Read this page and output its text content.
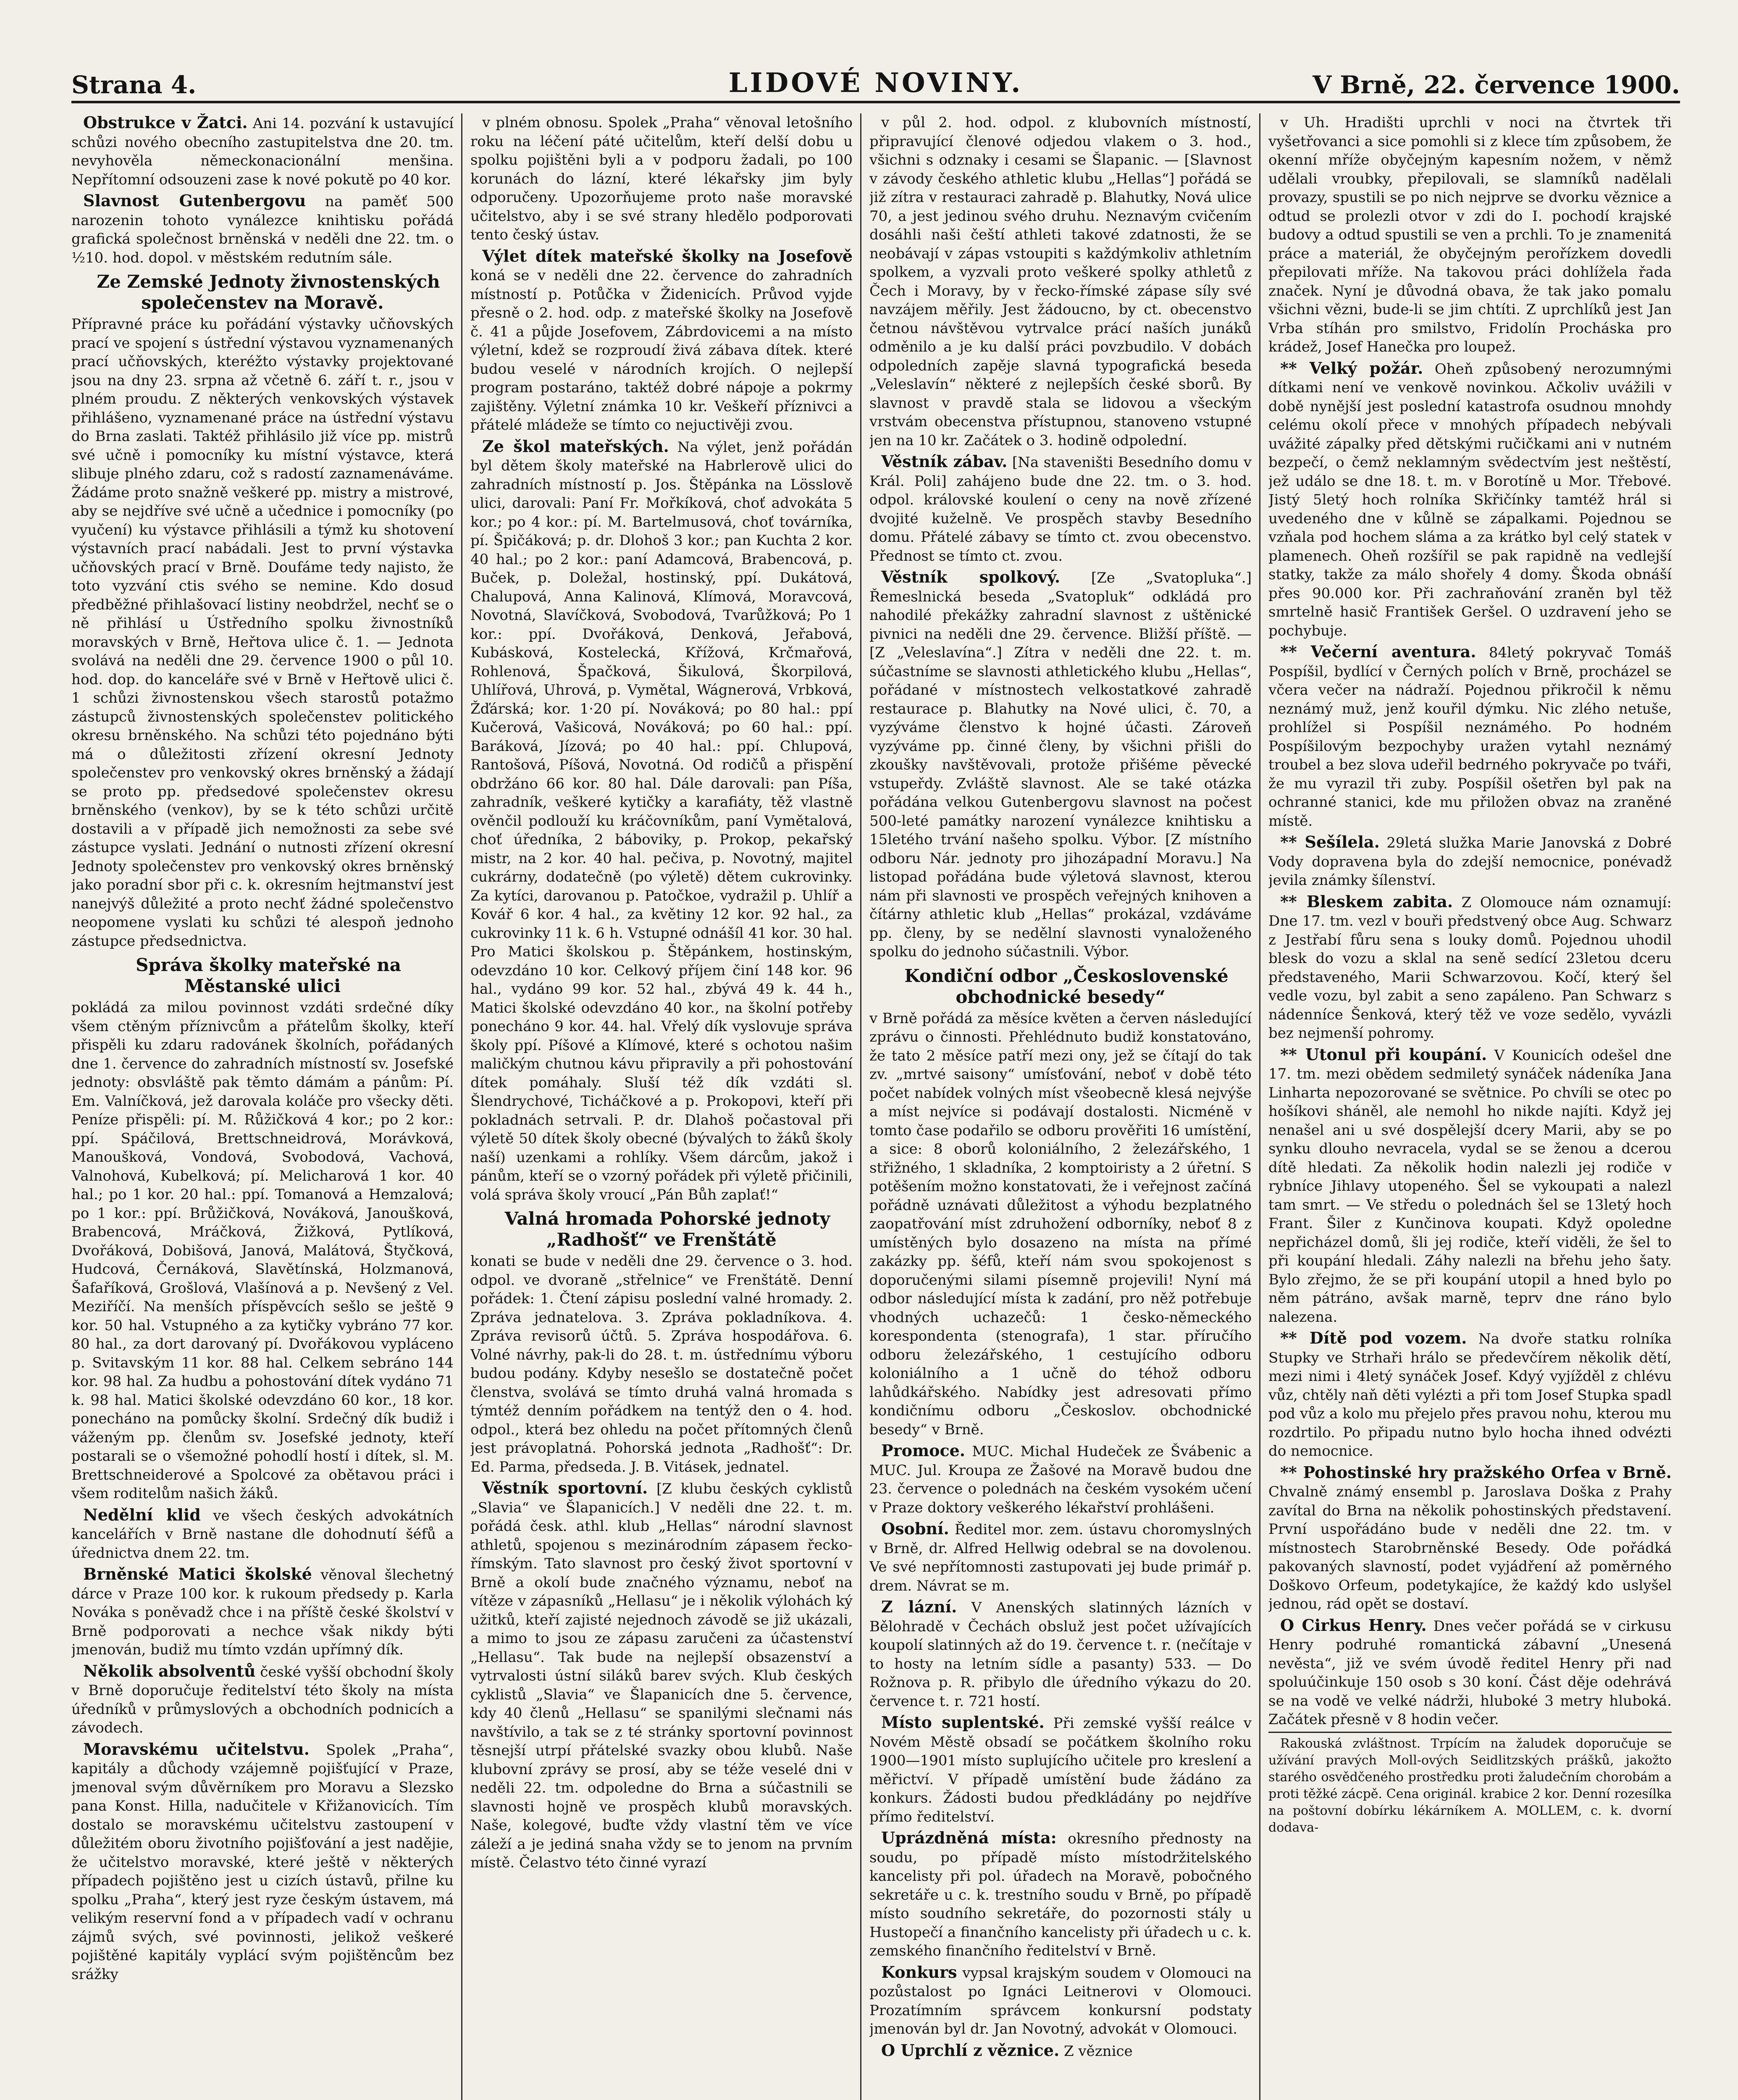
Strana 4.	LIDOVÉ NOVINY.	V Brně, 22. července 1900.

Obstrukce v Žatci. Ani 14. pozvání k ustavující schůzi nového obecního zastupitelstva dne 20. tm. nevyhověla německonacionální menšina. Nepřítomní odsouzeni zase k nové pokutě po 40 kor.

Slavnost Gutenbergovu na paměť 500 narozenin tohoto vynálezce knihtisku pořádá grafická společnost brněnská v neděli dne 22. tm. o ½10. hod. dopol. v městském redutním sále.

Ze Zemské Jednoty živnostenských společenstev na Moravě.
Přípravné práce ku pořádání výstavky učňovských prací ve spojení s ústřední výstavou vyznamenaných prací učňovských, kteréžto výstavky projektované jsou na dny 23. srpna až včetně 6. září t. r., jsou v plném proudu. Z některých venkovských výstavek přihlášeno, vyznamenané práce na ústřední výstavu do Brna zaslati. Taktéž přihlásilo již více pp. mistrů své učně i pomocníky ku místní výstavce, která slibuje plného zdaru, což s radostí zaznamenáváme. Žádáme proto snažně veškeré pp. mistry a mistrové, aby se nejdříve své učně a učednice i pomocníky (po vyučení) ku výstavce přihlásili a týmž ku shotovení výstavních prací nabádali. Jest to první výstavka učňovských prací v Brně. Doufáme tedy najisto, že toto vyzvání ctis svého se nemine. Kdo dosud předběžné přihlašovací listiny neobdržel, nechť se o ně přihlásí u Ústředního spolku živnostníků moravských v Brně, Heřtova ulice č. 1. — Jednota svolává na neděli dne 29. července 1900 o půl 10. hod. dop. do kanceláře své v Brně v Heřtově ulici č. 1 schůzi živnostenskou všech starostů potažmo zástupců živnostenských společenstev politického okresu brněnského. Na schůzi této pojednáno býti má o důležitosti zřízení okresní Jednoty společenstev pro venkovský okres brněnský a žádají se proto pp. předsedové společenstev okresu brněnského (venkov), by se k této schůzi určitě dostavili a v případě jich nemožnosti za sebe své zástupce vyslati. Jednání o nutnosti zřízení okresní Jednoty společenstev pro venkovský okres brněnský jako poradní sbor při c. k. okresním hejtmanství jest nanejvýš důležité a proto nechť žádné společenstvo neopomene vyslati ku schůzi té alespoň jednoho zástupce předsednictva.

Správa školky mateřské na Městanské ulici
pokládá za milou povinnost vzdáti srdečné díky všem ctěným příznivcům a přátelům školky, kteří přispěli ku zdaru radovánek školních, pořádaných dne 1. července do zahradních místností sv. Josefské jednoty: obsvláště pak těmto dámám a pánům: Pí. Em. Valníčková, jež darovala koláče pro všecky děti. Peníze přispěli: pí. M. Růžičková 4 kor.; po 2 kor.: ppí. Spáčilová, Brettschneidrová, Morávková, Manoušková, Vondová, Svobodová, Vachová, Valnohová, Kubelková; pí. Melicharová 1 kor. 40 hal.; po 1 kor. 20 hal.: ppí. Tomanová a Hemzalová; po 1 kor.: ppí. Brůžičková, Nováková, Janoušková, Brabencová, Mráčková, Žižková, Pytlíková, Dvořáková, Dobišová, Janová, Malátová, Štyčková, Hudcová, Černáková, Slavětínská, Holzmanová, Šafaříková, Grošlová, Vlašínová a p. Nevšený z Vel. Meziříčí. Na menších příspěvcích sešlo se ještě 9 kor. 50 hal. Vstupného a za kytičky vybráno 77 kor. 80 hal., za dort darovaný pí. Dvořákovou vypláceno p. Svitavským 11 kor. 88 hal. Celkem sebráno 144 kor. 98 hal. Za hudbu a pohostování dítek vydáno 71 k. 98 hal. Matici školské odevzdáno 60 kor., 18 kor. ponecháno na pomůcky školní. Srdečný dík budiž i váženým pp. členům sv. Josefské jednoty, kteří postarali se o všemožné pohodlí hostí i dítek, sl. M. Brettschneiderové a Spolcové za obětavou práci i všem roditelům našich žáků.

Nedělní klid ve všech českých advokátních kancelářích v Brně nastane dle dohodnutí šéfů a úřednictva dnem 22. tm.

Brněnské Matici školské věnoval šlechetný dárce v Praze 100 kor. k rukoum předsedy p. Karla Nováka s poněvadž chce i na příště české školství v Brně podporovati a nechce však nikdy býti jmenován, budiž mu tímto vzdán upřímný dík.

Několik absolventů české vyšší obchodní školy v Brně doporučuje ředitelství této školy na místa úředníků v průmyslových a obchodních podnicích a závodech.

Moravskému učitelstvu. Spolek „Praha“, kapitály a důchody vzájemně pojišťující v Praze, jmenoval svým důvěrníkem pro Moravu a Slezsko pana Konst. Hilla, nadučitele v Křižanovicích. Tím dostalo se moravskému učitelstvu zastoupení v důležitém oboru životního pojišťování a jest nadějie, že učitelstvo moravské, které ještě v některých případech pojištěno jest u cizích ústavů, přilne ku spolku „Praha“, který jest ryze českým ústavem, má velikým reservní fond a v případech vadí v ochranu zájmů svých, své povinnosti, jelikož veškeré pojištěné kapitály vyplácí svým pojištěncům bez srážky

v plném obnosu. Spolek „Praha“ věnoval letošního roku na léčení páté učitelům, kteří delší dobu u spolku pojištěni byli a v podporu žadali, po 100 korunách do lázní, které lékařsky jim byly odporučeny. Upozorňujeme proto naše moravské učitelstvo, aby i se své strany hledělo podporovati tento český ústav.

Výlet dítek mateřské školky na Josefově koná se v neděli dne 22. července do zahradních místností p. Potůčka v Židenicích. Průvod vyjde přesně o 2. hod. odp. z mateřské školky na Josefově č. 41 a půjde Josefovem, Zábrdovicemi a na místo výletní, kdež se rozproudí živá zábava dítek. které budou veselé v národních krojích. O nejlepší program postaráno, taktéž dobré nápoje a pokrmy zajištěny. Výletní známka 10 kr. Veškeří příznivci a přátelé mládeže se tímto co nejuctivěji zvou.

Ze škol mateřských. Na výlet, jenž pořádán byl dětem školy mateřské na Habrlerově ulici do zahradních místností p. Jos. Štěpánka na Lösslově ulici, darovali: Paní Fr. Mořkíková, choť advokáta 5 kor.; po 4 kor.: pí. M. Bartelmusová, choť továrníka, pí. Špičáková; p. dr. Dlohoš 3 kor.; pan Kuchta 2 kor. 40 hal.; po 2 kor.: paní Adamcová, Brabencová, p. Buček, p. Doležal, hostinský, ppí. Dukátová, Chalupová, Anna Kalinová, Klímová, Moravcová, Novotná, Slavíčková, Svobodová, Tvarůžková; Po 1 kor.: ppí. Dvořáková, Denková, Jeřabová, Kubásková, Kostelecká, Křížová, Krčmařová, Rohlenová, Špačková, Šikulová, Škorpilová, Uhlířová, Uhrová, p. Vymětal, Wágnerová, Vrbková, Žďárská; kor. 1·20 pí. Nováková; po 80 hal.: ppí Kučerová, Vašicová, Nováková; po 60 hal.: ppí. Baráková, Jízová; po 40 hal.: ppí. Chlupová, Rantošová, Píšová, Novotná. Od rodičů a přispění obdržáno 66 kor. 80 hal. Dále darovali: pan Píša, zahradník, veškeré kytičky a karafiáty, těž vlastně ověnčil podlouží ku kráčovníkům, paní Vymětalová, choť úředníka, 2 báboviky, p. Prokop, pekařský mistr, na 2 kor. 40 hal. pečiva, p. Novotný, majitel cukrárny, dodatečně (po výletě) dětem cukrovinky. Za kytíci, darovanou p. Patočkoe, vydražil p. Uhlíř a Kovář 6 kor. 4 hal., za květiny 12 kor. 92 hal., za cukrovinky 11 k. 6 h. Vstupné odnášíl 41 kor. 30 hal. Pro Matici školskou p. Štěpánkem, hostinským, odevzdáno 10 kor. Celkový příjem činí 148 kor. 96 hal., vydáno 99 kor. 52 hal., zbývá 49 k. 44 h., Matici školské odevzdáno 40 kor., na školní potřeby ponecháno 9 kor. 44. hal. Vřelý dík vyslovuje správa školy ppí. Píšové a Klímové, které s ochotou našim maličkým chutnou kávu připravily a při pohostování dítek pomáhaly. Sluší též dík vzdáti sl. Šlendrychové, Ticháčkové a p. Prokopovi, kteří při pokladnách setrvali. P. dr. Dlahoš počastoval při výletě 50 dítek školy obecné (bývalých to žáků školy naší) uzenkami a rohlíky. Všem dárcům, jakož i pánům, kteří se o vzorný pořádek při výletě přičinili, volá správa školy vroucí „Pán Bůh zaplať!“

Valná hromada Pohorské jednoty „Radhošť“ ve Frenštátě
konati se bude v neděli dne 29. července o 3. hod. odpol. ve dvoraně „střelnice“ ve Frenštátě. Denní pořádek: 1. Čtení zápisu poslední valné hromady. 2. Zpráva jednatelova. 3. Zpráva pokladníkova. 4. Zpráva revisorů účtů. 5. Zpráva hospodářova. 6. Volné návrhy, pak-li do 28. t. m. ústřednímu výboru budou podány. Kdyby nesešlo se dostatečně počet členstva, svolává se tímto druhá valná hromada s týmtéž denním pořádkem na tentýž den o 4. hod. odpol., která bez ohledu na počet přítomných členů jest právoplatná. Pohorská jednota „Radhošť“: Dr. Ed. Parma, předseda. J. B. Vitásek, jednatel.

Věstník sportovní. [Z klubu českých cyklistů „Slavia“ ve Šlapanicích.] V neděli dne 22. t. m. pořádá česk. athl. klub „Hellas“ národní slavnost athletů, spojenou s mezinárodním zápasem řecko-římským. Tato slavnost pro český život sportovní v Brně a okolí bude značného významu, neboť na vítěze v zápasníků „Hellasu“ je i několik výlohách ký užitků, kteří zajisté nejednoch závodě se již ukázali, a mimo to jsou ze zápasu zaručeni za účastenství „Hellasu“. Tak bude na nejlepší obsazenství a vytrvalosti ústní siláků barev svých. Klub českých cyklistů „Slavia“ ve Šlapanicích dne 5. července, kdy 40 členů „Hellasu“ se spanilými slečnami nás navštívilo, a tak se z té stránky sportovní povinnost těsnejší utrpí přátelské svazky obou klubů. Naše klubovní zprávy se prosí, aby se téže veselé dni v neděli 22. tm. odpoledne do Brna a súčastnili se slavnosti hojně ve prospěch klubů moravských. Naše, kolegové, buďte vždy vlastní těm ve více záleží a je jediná snaha vždy se to jenom na prvním místě. Čelastvo této činné vyrazí

v půl 2. hod. odpol. z klubovních místností, připravující členové odjedou vlakem o 3. hod., všichni s odznaky i cesami se Šlapanic. — [Slavnost v závody českého athletic klubu „Hellas“] pořádá se již zítra v restauraci zahradě p. Blahutky, Nová ulice 70, a jest jedinou svého druhu. Neznavým cvičením dosáhli naši čeští athleti takové zdatnosti, že se neobávají v zápas vstoupiti s každýmkoliv athletním spolkem, a vyzvali proto veškeré spolky athletů z Čech i Moravy, by v řecko-římské zápase síly své navzájem měřily. Jest žádoucno, by ct. obecenstvo četnou návštěvou vytrvalce prácí naších junáků odměnilo a je ku další práci povzbudilo. V dobách odpoledních zapěje slavná typografická beseda „Veleslavín“ některé z nejlepších české sborů. By slavnost v pravdě stala se lidovou a všeckým vrstvám obecenstva přístupnou, stanoveno vstupné jen na 10 kr. Začátek o 3. hodině odpolední.

Věstník zábav. [Na staveništi Besedního domu v Král. Poli] zahájeno bude dne 22. tm. o 3. hod. odpol. královské koulení o ceny na nově zřízené dvojité kuželně. Ve prospěch stavby Besedního domu. Přátelé zábavy se tímto ct. zvou obecenstvo. Přednost se tímto ct. zvou.

Věstník spolkový. [Ze „Svatopluka“.] Řemeslnická beseda „Svatopluk“ odkládá pro nahodilé překážky zahradní slavnost z uštěnické pivnici na neděli dne 29. července. Bližší příště. — [Z „Veleslavína“.] Zítra v neděli dne 22. t. m. súčastníme se slavnosti athletického klubu „Hellas“, pořádané v místnostech velkostatkové zahradě restaurace p. Blahutky na Nové ulici, č. 70, a vyzýváme členstvo k hojné účasti. Zároveň vyzýváme pp. činné členy, by všichni přišli do zkoušky navštěvovali, protože přišéme pěvecké vstupeřdy. Zvláště slavnost. Ale se také otázka pořádána velkou Gutenbergovu slavnost na počest 500-leté památky narození vynálezce knihtisku a 15letého trvání našeho spolku. Výbor. [Z místního odboru Nár. jednoty pro jihozápadní Moravu.] Na listopad pořádána bude výletová slavnost, kterou nám při slavnosti ve prospěch veřejných knihoven a čítárny athletic klub „Hellas“ prokázal, vzdáváme pp. členy, by se nedělní slavnosti vynaloženého spolku do jednoho súčastnili. Výbor.

Kondiční odbor „Československé obchodnické besedy“
v Brně pořádá za měsíce květen a červen následující zprávu o činnosti. Přehlédnuto budiž konstatováno, že tato 2 měsíce patří mezi ony, jež se čítají do tak zv. „mrtvé saisony“ umísťování, neboť v době této počet nabídek volných míst všeobecně klesá nejvýše a míst nejvíce si podávají dostalosti. Nicméně v tomto čase podařilo se odboru prověřiti 16 umístění, a sice: 8 oborů koloniálního, 2 železářského, 1 střižného, 1 skladníka, 2 komptoiristy a 2 úřetní. S potěšením možno konstatovati, že i veřejnost začíná pořádně uznávati důležitost a výhodu bezplatného zaopatřování míst zdruhožení odborníky, neboť 8 z umístěných bylo dosazeno na místa na přímé zakázky pp. šéfů, kteří nám svou spokojenost s doporučenými silami písemně projevili! Nyní má odbor následující místa k zadání, pro něž potřebuje vhodných uchazečů: 1 česko-německého korespondenta (stenografa), 1 star. příručího odboru železářského, 1 cestujícího odboru koloniálního a 1 učně do téhož odboru lahůdkářského. Nabídky jest adresovati přímo kondičnímu odboru „Českoslov. obchodnické besedy“ v Brně.

Promoce. MUC. Michal Hudeček ze Švábenic a MUC. Jul. Kroupa ze Žašové na Moravě budou dne 23. července o polednách na českém vysokém učení v Praze doktory veškerého lékařství prohlášeni.

Osobní. Ředitel mor. zem. ústavu choromyslných v Brně, dr. Alfred Hellwig odebral se na dovolenou. Ve své nepřítomnosti zastupovati jej bude primář p. drem. Návrat se m.

Z lázní. V Anenských slatinných lázních v Bělohradě v Čechách obsluž jest počet užívajících koupolí slatinných až do 19. července t. r. (nečítaje v to hosty na letním sídle a pasanty) 533. — Do Rožnova p. R. přibylo dle úředního výkazu do 20. července t. r. 721 hostí.

Místo suplentské. Při zemské vyšší reálce v Novém Městě obsadí se počátkem školního roku 1900—1901 místo suplujícího učitele pro kreslení a měřictví. V případě umístění bude žádáno za konkurs. Žádosti budou předkládány po nejdříve přímo ředitelství.

Uprázdněná místa: okresního přednosty na soudu, po případě místo místodržitelského kancelisty při pol. úřadech na Moravě, pobočného sekretáře u c. k. trestního soudu v Brně, po případě místo soudního sekretáře, do pozornosti stály u Hustopečí a finančního kancelisty při úřadech u c. k. zemského finančního ředitelství v Brně.

Konkurs vypsal krajským soudem v Olomouci na pozůstalost po Ignáci Leitnerovi v Olomouci. Prozatímním správcem konkursní podstaty jmenován byl dr. Jan Novotný, advokát v Olomouci.

O Uprchlí z věznice. Z věznice

v Uh. Hradišti uprchli v noci na čtvrtek tři vyšetřovanci a sice pomohli si z klece tím způsobem, že okenní mříže obyčejným kapesním nožem, v němž udělali vroubky, přepilovali, se slamníků nadělali provazy, spustili se po nich nejprve se dvorku věznice a odtud se prolezli otvor v zdi do I. pochodí krajské budovy a odtud spustili se ven a prchli. To je znamenitá práce a materiál, že obyčejným perořízkem dovedli přepilovati mříže. Na takovou práci dohlížela řada značek. Nyní je důvodná obava, že tak jako pomalu všichni vězni, bude-li se jim chtíti. Z uprchlíků jest Jan Vrba stíhán pro smilstvo, Fridolín Procháska pro krádež, Josef Hanečka pro loupež.

** Velký požár. Oheň způsobený nerozumnými dítkami není ve venkově novinkou. Ačkoliv uvážili v době nynější jest poslední katastrofa osudnou mnohdy celému okolí přece v mnohých případech nebývali uvážité zápalky před dětskými ručičkami ani v nutném bezpečí, o čemž neklamným svědectvím jest neštěstí, jež událo se dne 18. t. m. v Borotíně u Mor. Třebové. Jistý 5letý hoch rolníka Skřičínky tamtéž hrál si uvedeného dne v kůlně se zápalkami. Pojednou se vzňala pod hochem sláma a za krátko byl celý statek v plamenech. Oheň rozšířil se pak rapidně na vedlejší statky, takže za málo shořely 4 domy. Škoda obnáší přes 90.000 kor. Při zachraňování zraněn byl těž smrtelně hasič František Geršel. O uzdravení jeho se pochybuje.

** Večerní aventura. 84letý pokryvač Tomáš Pospíšil, bydlící v Černých polích v Brně, procházel se včera večer na nádraží. Pojednou přikročil k němu neznámý muž, jenž kouřil dýmku. Nic zlého netuše, prohlížel si Pospíšil neznámého. Po hodném Pospíšilovým bezpochyby uražen vytahl neznámý troubel a bez slova udeřil bedrného pokryvače po tváři, že mu vyrazil tři zuby. Pospíšil ošetřen byl pak na ochranné stanici, kde mu přiložen obvaz na zraněné místě.

** Sešílela. 29letá služka Marie Janovská z Dobré Vody dopravena byla do zdejší nemocnice, ponévadž jevila známky šílenství.

** Bleskem zabita. Z Olomouce nám oznamují: Dne 17. tm. vezl v bouři předstvený obce Aug. Schwarz z Jestřabí fůru sena s louky domů. Pojednou uhodil blesk do vozu a sklal na seně sedící 23letou dceru představeného, Marii Schwarzovou. Kočí, který šel vedle vozu, byl zabit a seno zapáleno. Pan Schwarz s nádenníce Šenková, který těž ve voze sedělo, vyvázli bez nejmenší pohromy.

** Utonul při koupání. V Kounicích odešel dne 17. tm. mezi obědem sedmiletý synáček nádeníka Jana Linharta nepozorované se světnice. Po chvíli se otec po hošíkovi sháněl, ale nemohl ho nikde najíti. Když jej nenašel ani u své dospělejší dcery Marii, aby se po synku dlouho nevracela, vydal se se ženou a dcerou dítě hledati. Za několik hodin nalezli jej rodiče v rybníce Jihlavy utopeného. Šel se vykoupati a nalezl tam smrt. — Ve středu o polednách šel se 13letý hoch Frant. Šiler z Kunčinova koupati. Když opoledne nepřicházel domů, šli jej rodiče, kteří viděli, že šel to při koupání hledali. Záhy nalezli na břehu jeho šaty. Bylo zřejmo, že se při koupání utopil a hned bylo po něm pátráno, avšak marně, teprv dne ráno bylo nalezena.

** Dítě pod vozem. Na dvoře statku rolníka Stupky ve Strhaři hrálo se předevčírem několik dětí, mezi nimi i 4letý synáček Josef. Kdyý vyjížděl z chlévu vůz, chtěly naň děti vylézti a při tom Josef Stupka spadl pod vůz a kolo mu přejelo přes pravou nohu, kterou mu rozdrtilo. Po připadu nutno bylo hocha ihned odvézti do nemocnice.

** Pohostinské hry pražského Orfea v Brně. Chvalně známý ensembl p. Jaroslava Doška z Prahy zavítal do Brna na několik pohostinských představení. První uspořádáno bude v neděli dne 22. tm. v místnostech Starobrněnské Besedy. Ode pořádká pakovaných slavností, podet vyjádření až poměrného Doškovo Orfeum, podetykajíce, že každý kdo uslyšel jednou, rád opět se dostaví.

O Cirkus Henry. Dnes večer pořádá se v cirkusu Henry podruhé romantická zábavní „Unesená nevěsta“, již ve svém úvodě ředitel Henry při nad spoluúčinkuje 150 osob s 30 koní. Část děje odehrává se na vodě ve velké nádrži, hluboké 3 metry hluboká. Začátek přesně v 8 hodin večer.

Rakouská zvláštnost. Trpícím na žaludek doporučuje se užívání pravých Moll-ových Seidlitzských prášků, jakožto starého osvědčeného prostředku proti žaludečním chorobám a proti těžké zácpě. Cena originál. krabice 2 kor. Denní rozesílka na poštovní dobírku lékárníkem A. MOLLEM, c. k. dvorní dodava-
